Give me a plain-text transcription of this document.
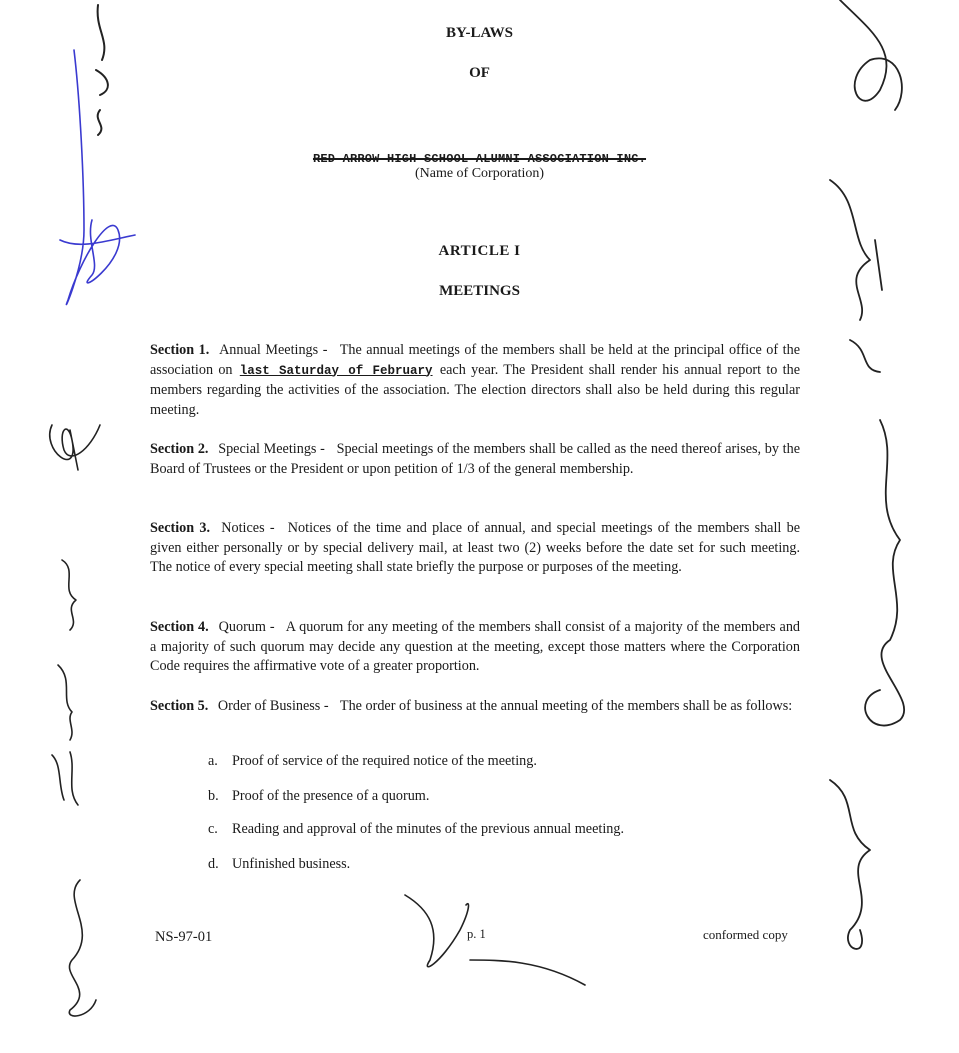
BY-LAWS
OF
RED ARROW HIGH SCHOOL ALUMNI ASSOCIATION INC.
(Name of Corporation)
ARTICLE I
MEETINGS
Section 1. Annual Meetings - The annual meetings of the members shall be held at the principal office of the association on last Saturday of February each year. The President shall render his annual report to the members regarding the activities of the association. The election directors shall also be held during this regular meeting.
Section 2. Special Meetings - Special meetings of the members shall be called as the need thereof arises, by the Board of Trustees or the President or upon petition of 1/3 of the general membership.
Section 3. Notices - Notices of the time and place of annual, and special meetings of the members shall be given either personally or by special delivery mail, at least two (2) weeks before the date set for such meeting. The notice of every special meeting shall state briefly the purpose or purposes of the meeting.
Section 4. Quorum - A quorum for any meeting of the members shall consist of a majority of the members and a majority of such quorum may decide any question at the meeting, except those matters where the Corporation Code requires the affirmative vote of a greater proportion.
Section 5. Order of Business - The order of business at the annual meeting of the members shall be as follows:
a. Proof of service of the required notice of the meeting.
b. Proof of the presence of a quorum.
c. Reading and approval of the minutes of the previous annual meeting.
d. Unfinished business.
NS-97-01	p. 1	conformed copy
